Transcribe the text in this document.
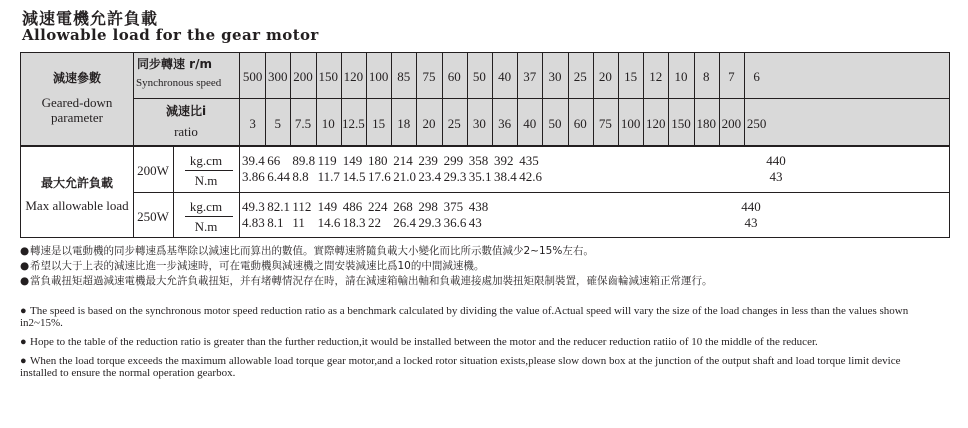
減速電機允許負載
Allowable load for the gear motor
減速參數
Geared-down parameter
同步轉速 r/m
Synchronous speed
減速比i
ratio
最大允許負載
Max allowable load
200W
250W
kg.cm
N.m
kg.cm
N.m
440
43
440
43
500
3
300
5
200
7.5
150
10
120
12.5
100
15
85
18
75
20
60
25
50
30
40
36
37
40
30
50
25
60
20
75
15
100
12
120
10
150
8
180
7
200
6
250
39.4
3.86
66
6.44
89.8
8.8
119
11.7
149
14.5
180
17.6
214
21.0
239
23.4
299
29.3
358
35.1
392
38.4
435
42.6
49.3
4.83
82.1
8.1
112
11
149
14.6
486
18.3
224
22
268
26.4
298
29.3
375
36.6
438
43
●轉速是以電動機的同步轉速爲基準除以減速比而算出的數值。實際轉速將隨負載大小變化而比所示數值減少2~15%左右。
●希望以大于上表的減速比進一步減速時，可在電動機與減速機之間安裝減速比爲10的中間減速機。
●當負載扭矩超過減速電機最大允許負載扭矩，并有堵轉情況存在時，請在減速箱輸出軸和負載連接處加裝扭矩限制裝置，確保齒輪減速箱正常運行。
● The speed is based on the synchronous motor speed reduction ratio as a benchmark calculated by dividing the value of.Actual speed will vary the size of the load changes in less than the values shown in2~15%.
● Hope to the table of the reduction ratio is greater than the further reduction,it would be installed between the motor and the reducer reduction ratiio of 10 the middle of the reducer.
● When the load torque exceeds the maximum allowable load torque gear motor,and a locked rotor situation exists,please slow down box at the junction of the output shaft and load torque limit device installed to ensure the normal operation gearbox.
